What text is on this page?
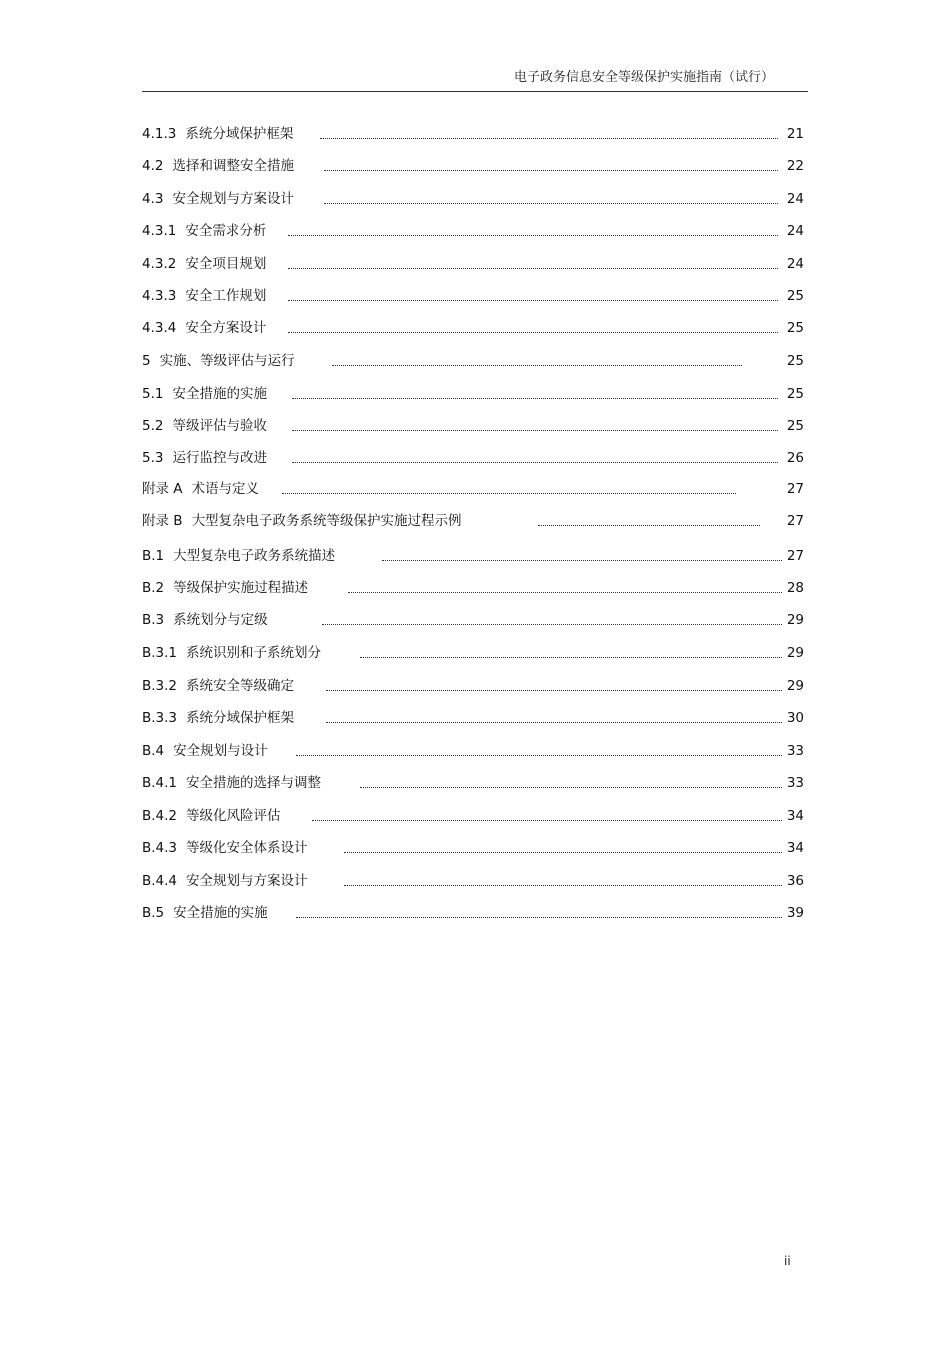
电子政务信息安全等级保护实施指南（试行）
4.1.3 系统分域保护框架	21
4.2 选择和调整安全措施	22
4.3 安全规划与方案设计	24
4.3.1 安全需求分析	24
4.3.2 安全项目规划	24
4.3.3 安全工作规划	25
4.3.4 安全方案设计	25
5 实施、等级评估与运行	25
5.1 安全措施的实施	25
5.2 等级评估与验收	25
5.3 运行监控与改进	26
附录 A 术语与定义	27
附录 B 大型复杂电子政务系统等级保护实施过程示例	27
B.1 大型复杂电子政务系统描述	27
B.2 等级保护实施过程描述	28
B.3 系统划分与定级	29
B.3.1 系统识别和子系统划分	29
B.3.2 系统安全等级确定	29
B.3.3 系统分域保护框架	30
B.4 安全规划与设计	33
B.4.1 安全措施的选择与调整	33
B.4.2 等级化风险评估	34
B.4.3 等级化安全体系设计	34
B.4.4 安全规划与方案设计	36
B.5 安全措施的实施	39
ii
